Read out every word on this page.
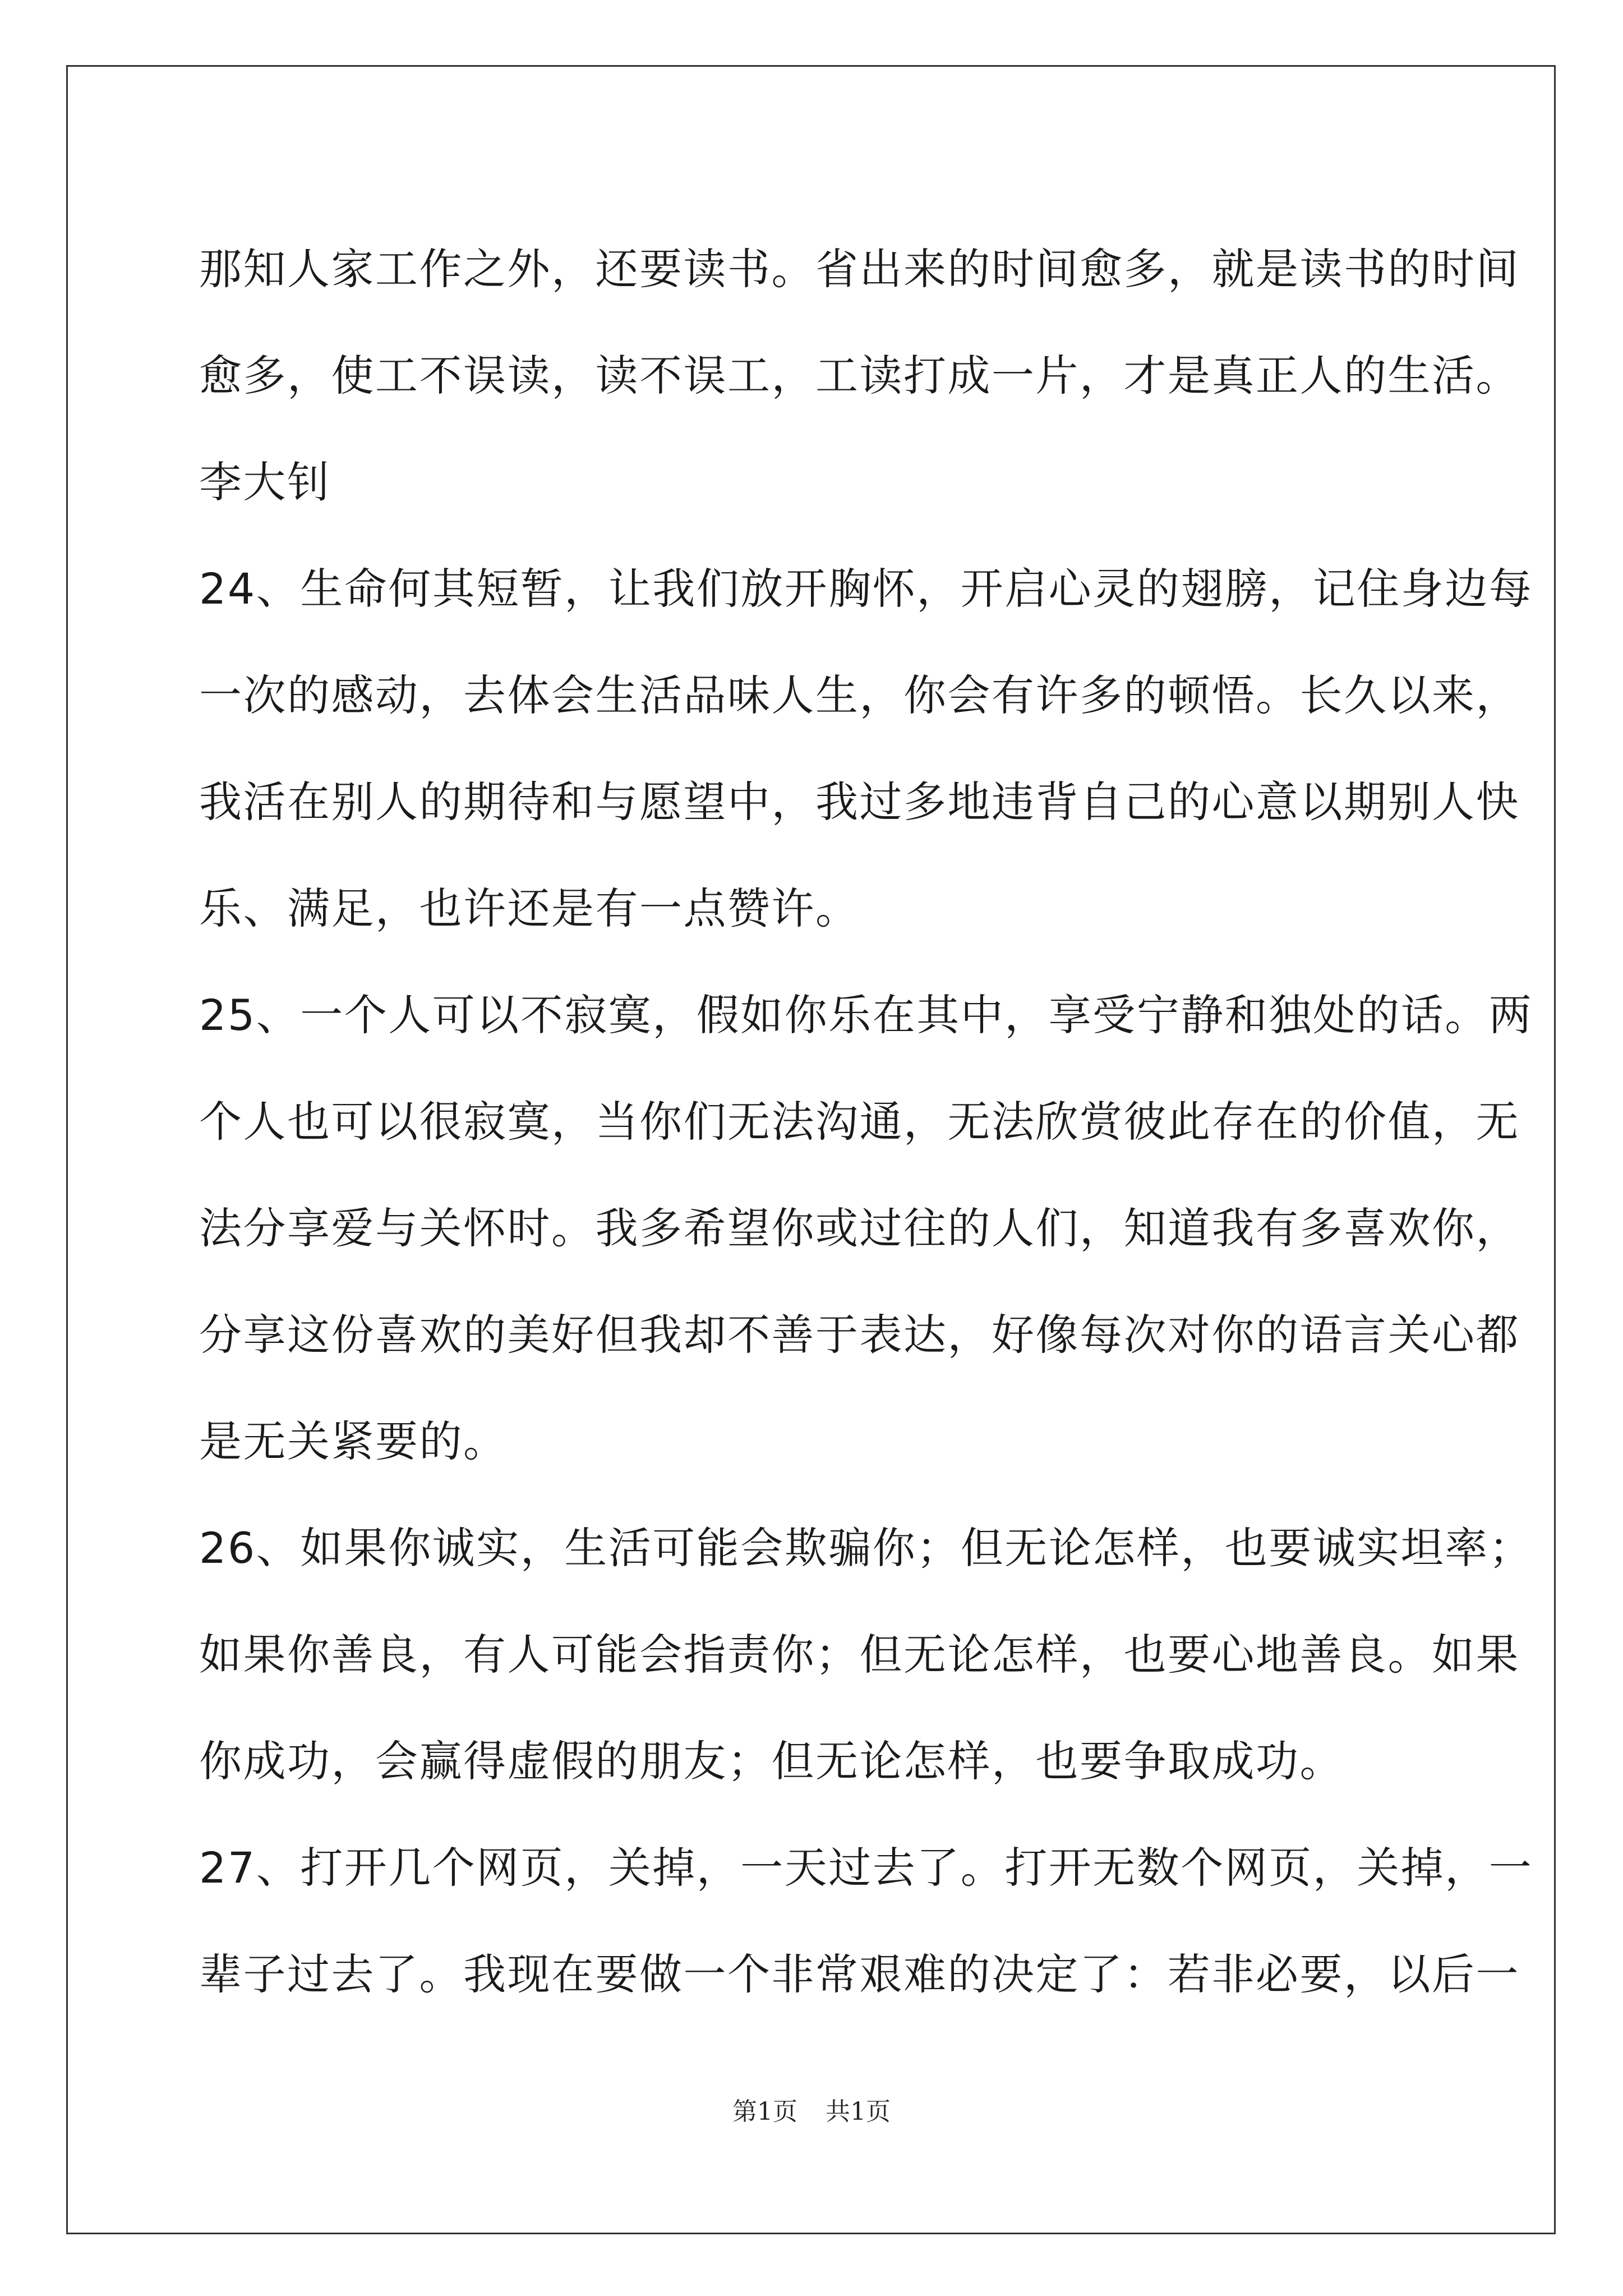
那知人家工作之外，还要读书。省出来的时间愈多，就是读书的时间
愈多，使工不误读，读不误工，工读打成一片，才是真正人的生活。
李大钊
24、生命何其短暂，让我们放开胸怀，开启心灵的翅膀，记住身边每
一次的感动，去体会生活品味人生，你会有许多的顿悟。长久以来，
我活在别人的期待和与愿望中，我过多地违背自己的心意以期别人快
乐、满足，也许还是有一点赞许。
25、一个人可以不寂寞，假如你乐在其中，享受宁静和独处的话。两
个人也可以很寂寞，当你们无法沟通，无法欣赏彼此存在的价值，无
法分享爱与关怀时。我多希望你或过往的人们，知道我有多喜欢你，
分享这份喜欢的美好但我却不善于表达，好像每次对你的语言关心都
是无关紧要的。
26、如果你诚实，生活可能会欺骗你；但无论怎样，也要诚实坦率；
如果你善良，有人可能会指责你；但无论怎样，也要心地善良。如果
你成功，会赢得虚假的朋友；但无论怎样，也要争取成功。
27、打开几个网页，关掉，一天过去了。打开无数个网页，关掉，一
辈子过去了。我现在要做一个非常艰难的决定了：若非必要，以后一
第1页 共1页
